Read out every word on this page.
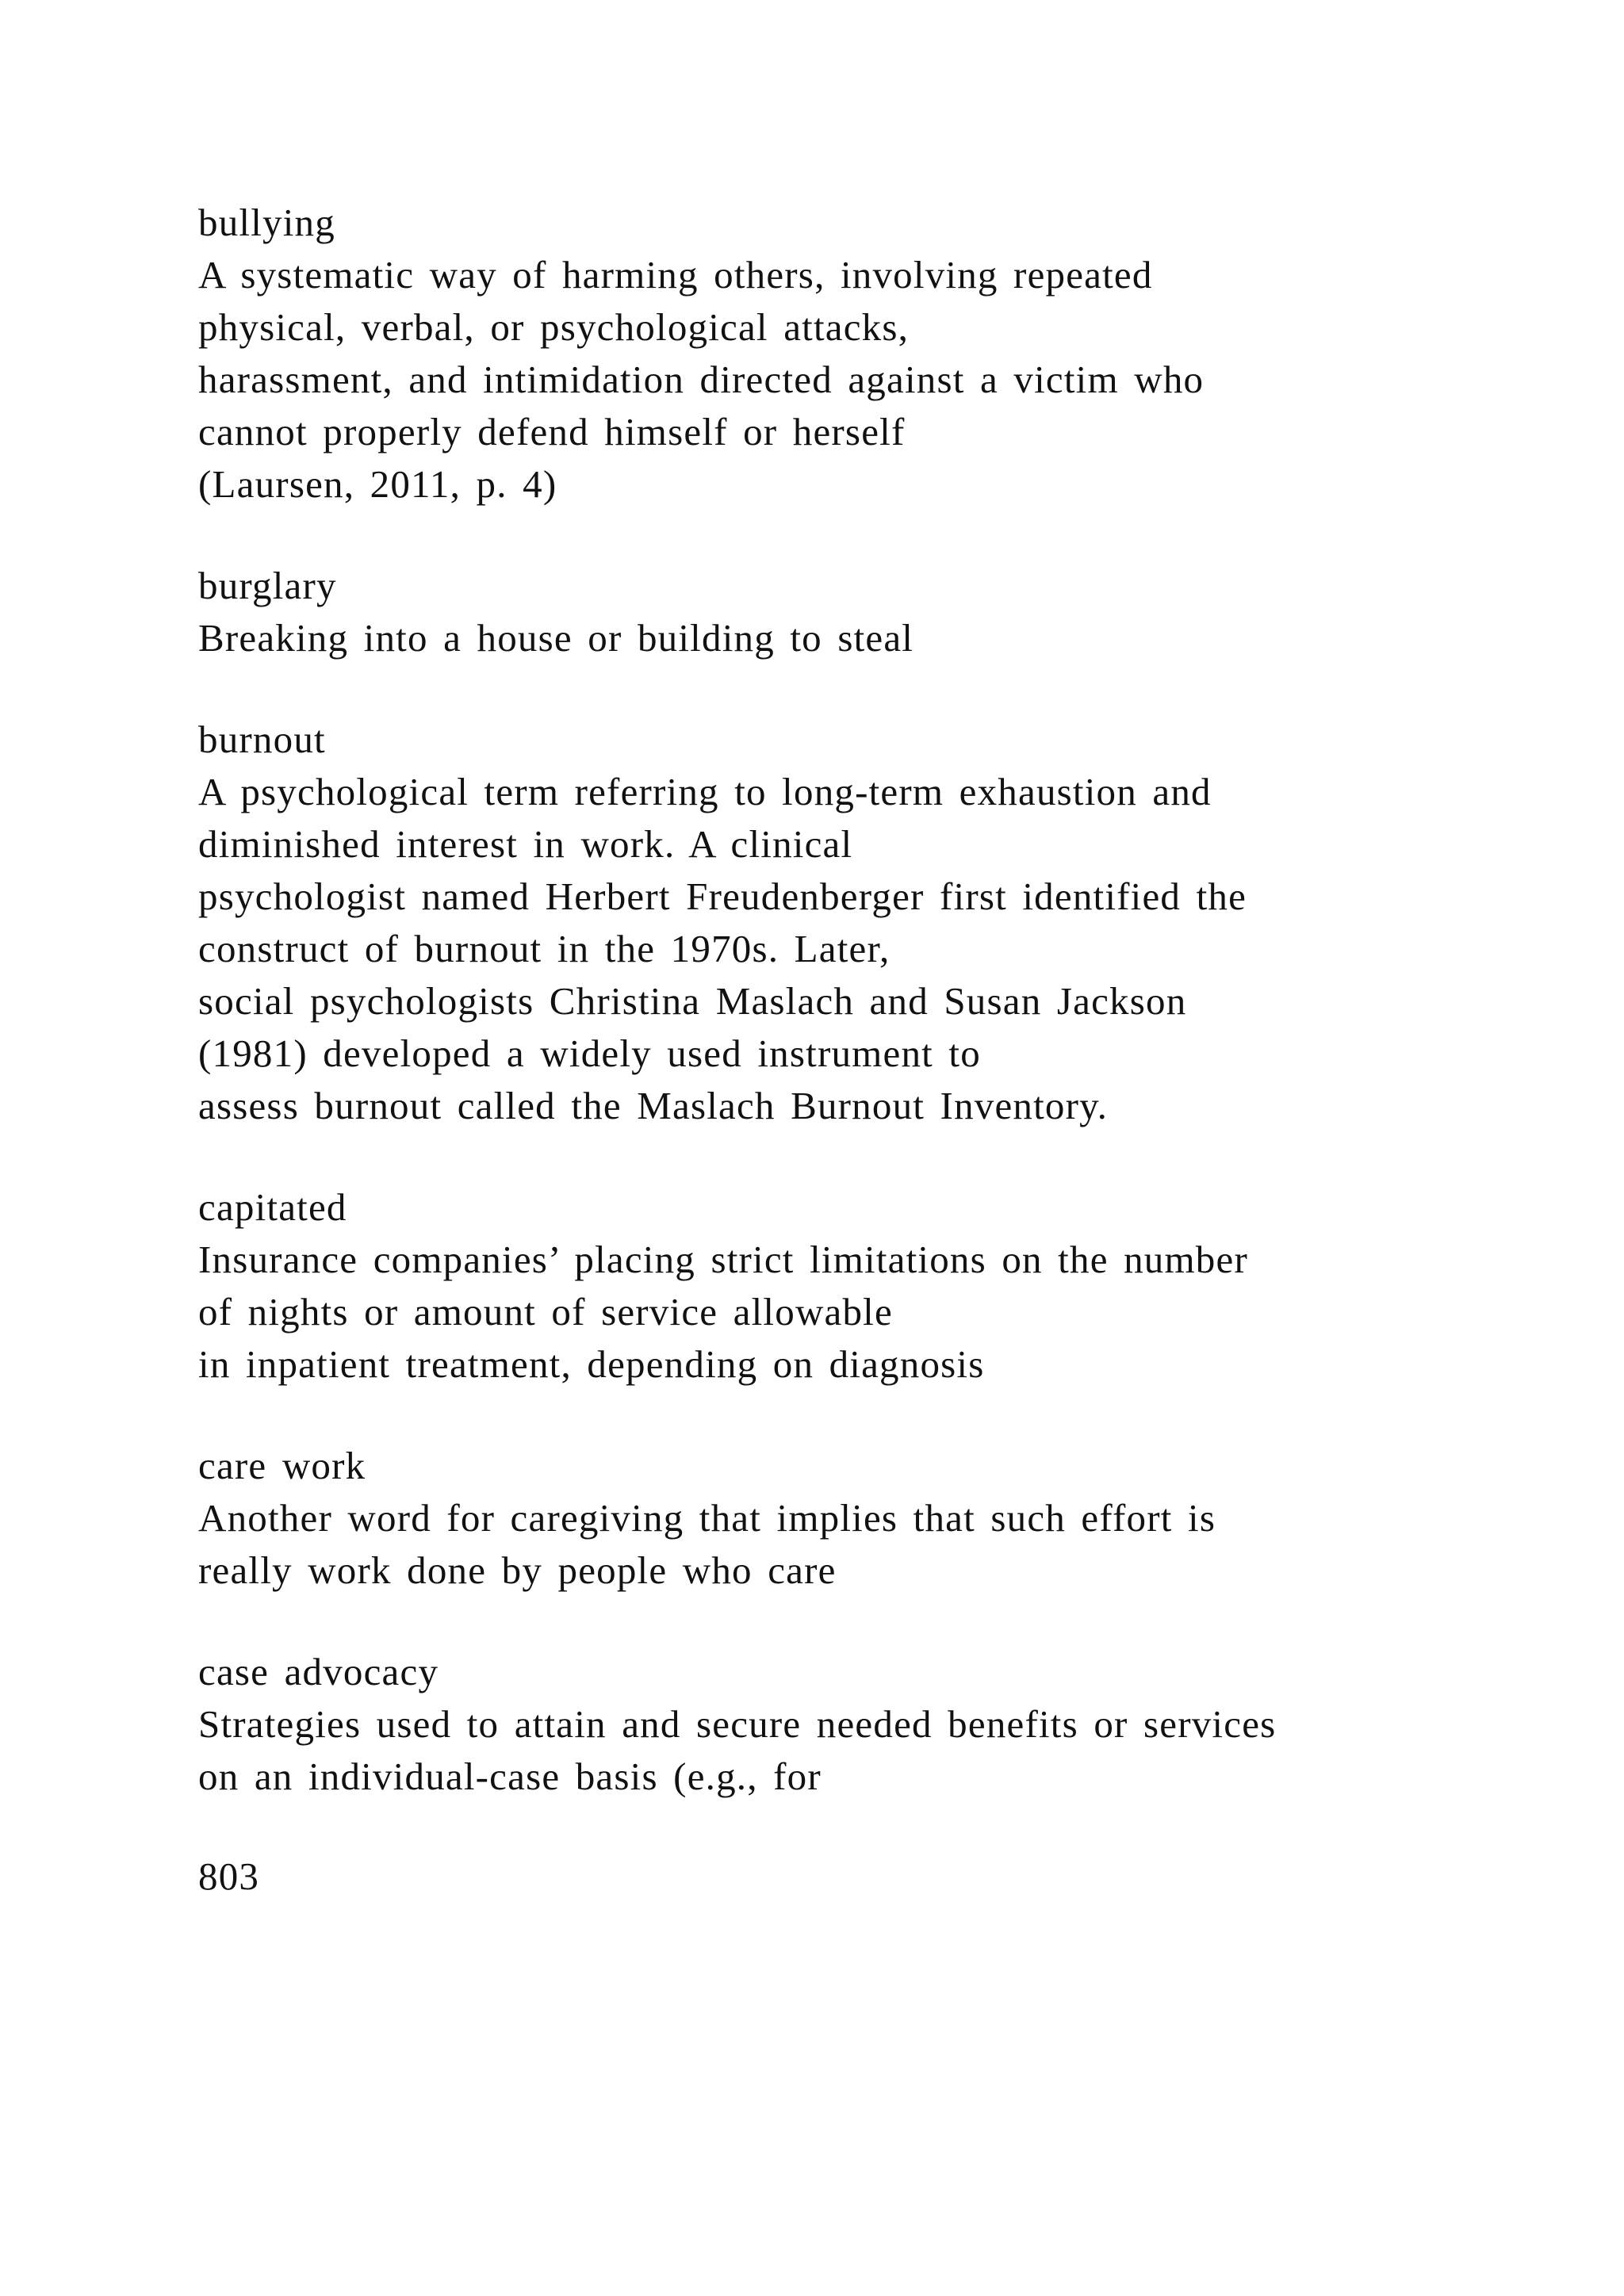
bullying
A systematic way of harming others, involving repeated
physical, verbal, or psychological attacks,
harassment, and intimidation directed against a victim who
cannot properly defend himself or herself
(Laursen, 2011, p. 4)
burglary
Breaking into a house or building to steal
burnout
A psychological term referring to long-term exhaustion and
diminished interest in work. A clinical
psychologist named Herbert Freudenberger first identified the
construct of burnout in the 1970s. Later,
social psychologists Christina Maslach and Susan Jackson
(1981) developed a widely used instrument to
assess burnout called the Maslach Burnout Inventory.
capitated
Insurance companies’ placing strict limitations on the number
of nights or amount of service allowable
in inpatient treatment, depending on diagnosis
care work
Another word for caregiving that implies that such effort is
really work done by people who care
case advocacy
Strategies used to attain and secure needed benefits or services
on an individual-case basis (e.g., for
803
